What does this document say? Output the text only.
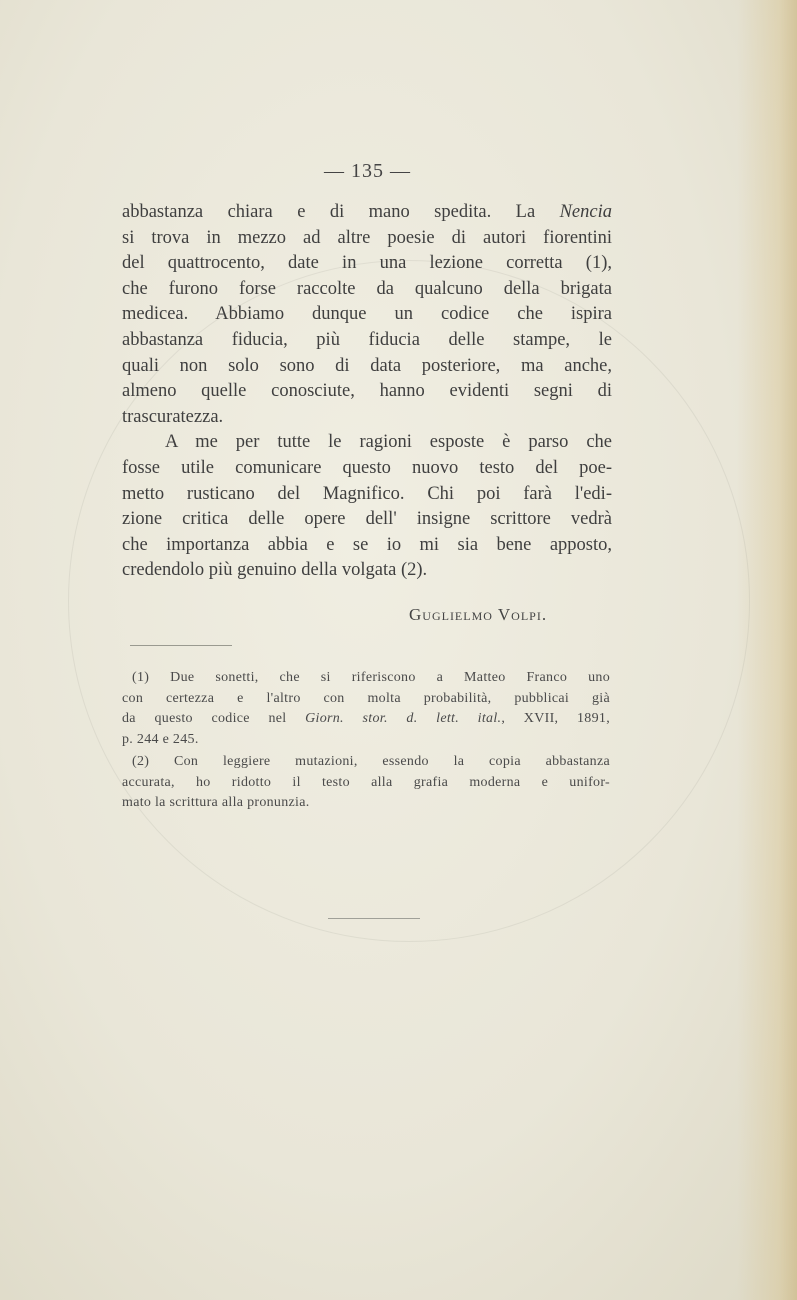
— 135 —

abbastanza chiara e di mano spedita. La Nencia
si trova in mezzo ad altre poesie di autori fiorentini
del quattrocento, date in una lezione corretta (1),
che furono forse raccolte da qualcuno della brigata
medicea. Abbiamo dunque un codice che ispira
abbastanza fiducia, più fiducia delle stampe, le
quali non solo sono di data posteriore, ma anche,
almeno quelle conosciute, hanno evidenti segni di
trascuratezza.

A me per tutte le ragioni esposte è parso che
fosse utile comunicare questo nuovo testo del poe-
metto rusticano del Magnifico. Chi poi farà l'edi-
zione critica delle opere dell' insigne scrittore vedrà
che importanza abbia e se io mi sia bene apposto,
credendolo più genuino della volgata (2).

Guglielmo Volpi.

(1) Due sonetti, che si riferiscono a Matteo Franco uno
con certezza e l'altro con molta probabilità, pubblicai già
da questo codice nel Giorn. stor. d. lett. ital., XVII, 1891,
p. 244 e 245.

(2) Con leggiere mutazioni, essendo la copia abbastanza
accurata, ho ridotto il testo alla grafia moderna e unifor-
mato la scrittura alla pronunzia.
